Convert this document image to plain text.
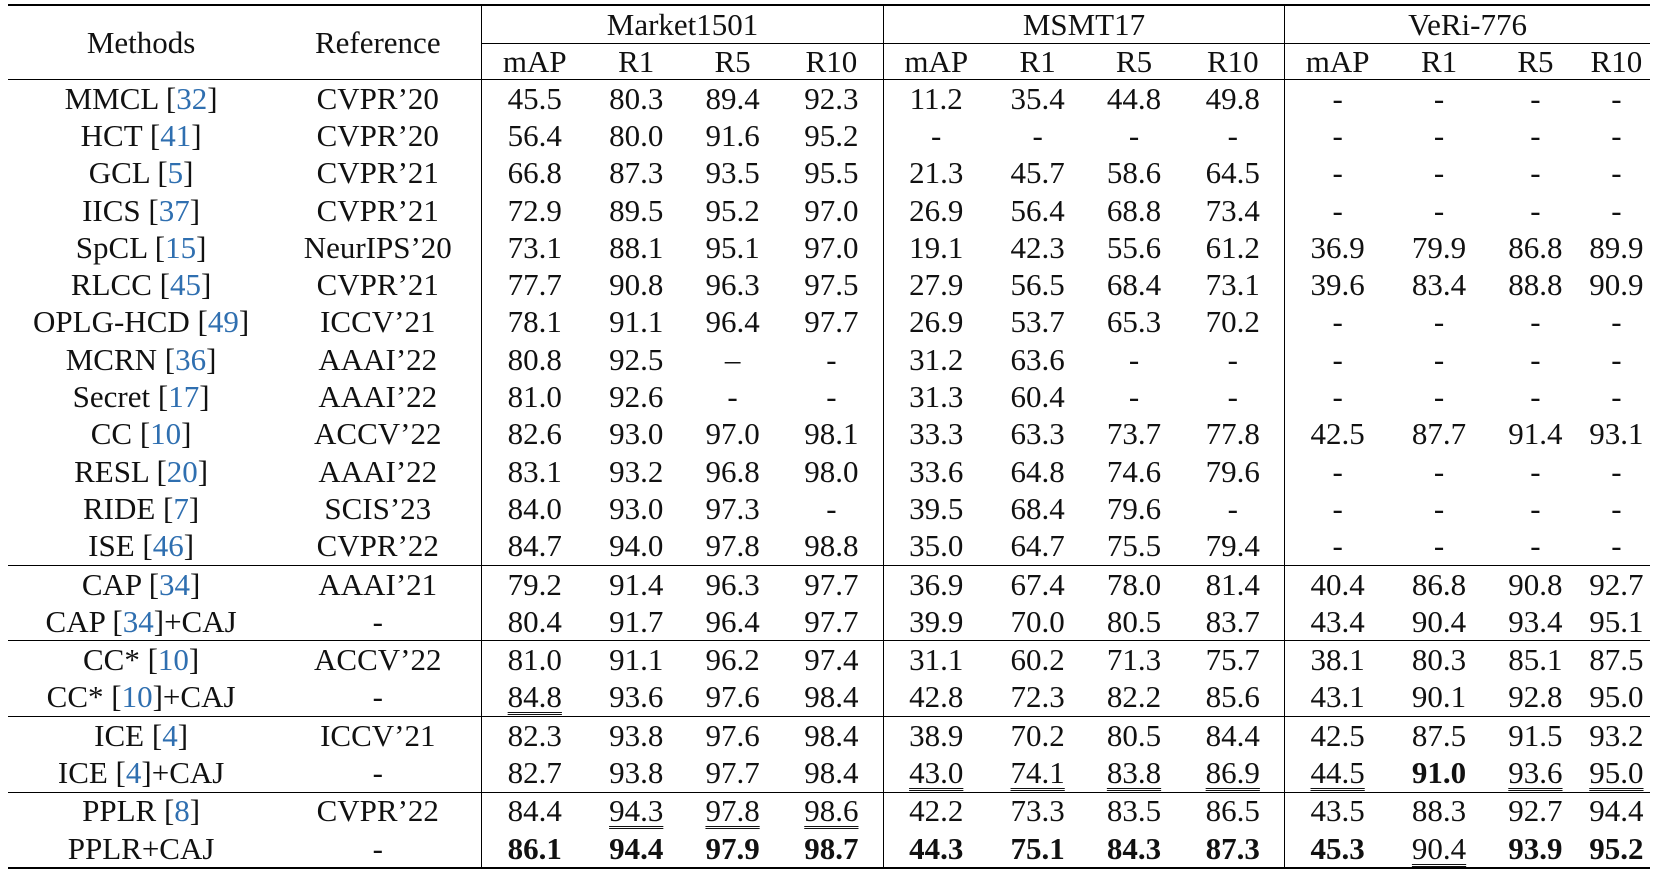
Methods	Reference	Market1501				MSMT17				VeRi-776			
		mAP	R1	R5	R10	mAP	R1	R5	R10	mAP	R1	R5	R10
MMCL [32]	CVPR’20	45.5	80.3	89.4	92.3	11.2	35.4	44.8	49.8	-	-	-	-
HCT [41]	CVPR’20	56.4	80.0	91.6	95.2	-	-	-	-	-	-	-	-
GCL [5]	CVPR’21	66.8	87.3	93.5	95.5	21.3	45.7	58.6	64.5	-	-	-	-
IICS [37]	CVPR’21	72.9	89.5	95.2	97.0	26.9	56.4	68.8	73.4	-	-	-	-
SpCL [15]	NeurIPS’20	73.1	88.1	95.1	97.0	19.1	42.3	55.6	61.2	36.9	79.9	86.8	89.9
RLCC [45]	CVPR’21	77.7	90.8	96.3	97.5	27.9	56.5	68.4	73.1	39.6	83.4	88.8	90.9
OPLG-HCD [49]	ICCV’21	78.1	91.1	96.4	97.7	26.9	53.7	65.3	70.2	-	-	-	-
MCRN [36]	AAAI’22	80.8	92.5	–	-	31.2	63.6	-	-	-	-	-	-
Secret [17]	AAAI’22	81.0	92.6	-	-	31.3	60.4	-	-	-	-	-	-
CC [10]	ACCV’22	82.6	93.0	97.0	98.1	33.3	63.3	73.7	77.8	42.5	87.7	91.4	93.1
RESL [20]	AAAI’22	83.1	93.2	96.8	98.0	33.6	64.8	74.6	79.6	-	-	-	-
RIDE [7]	SCIS’23	84.0	93.0	97.3	-	39.5	68.4	79.6	-	-	-	-	-
ISE [46]	CVPR’22	84.7	94.0	97.8	98.8	35.0	64.7	75.5	79.4	-	-	-	-
CAP [34]	AAAI’21	79.2	91.4	96.3	97.7	36.9	67.4	78.0	81.4	40.4	86.8	90.8	92.7
CAP [34]+CAJ	-	80.4	91.7	96.4	97.7	39.9	70.0	80.5	83.7	43.4	90.4	93.4	95.1
CC* [10]	ACCV’22	81.0	91.1	96.2	97.4	31.1	60.2	71.3	75.7	38.1	80.3	85.1	87.5
CC* [10]+CAJ	-	84.8	93.6	97.6	98.4	42.8	72.3	82.2	85.6	43.1	90.1	92.8	95.0
ICE [4]	ICCV’21	82.3	93.8	97.6	98.4	38.9	70.2	80.5	84.4	42.5	87.5	91.5	93.2
ICE [4]+CAJ	-	82.7	93.8	97.7	98.4	43.0	74.1	83.8	86.9	44.5	91.0	93.6	95.0
PPLR [8]	CVPR’22	84.4	94.3	97.8	98.6	42.2	73.3	83.5	86.5	43.5	88.3	92.7	94.4
PPLR+CAJ	-	86.1	94.4	97.9	98.7	44.3	75.1	84.3	87.3	45.3	90.4	93.9	95.2
